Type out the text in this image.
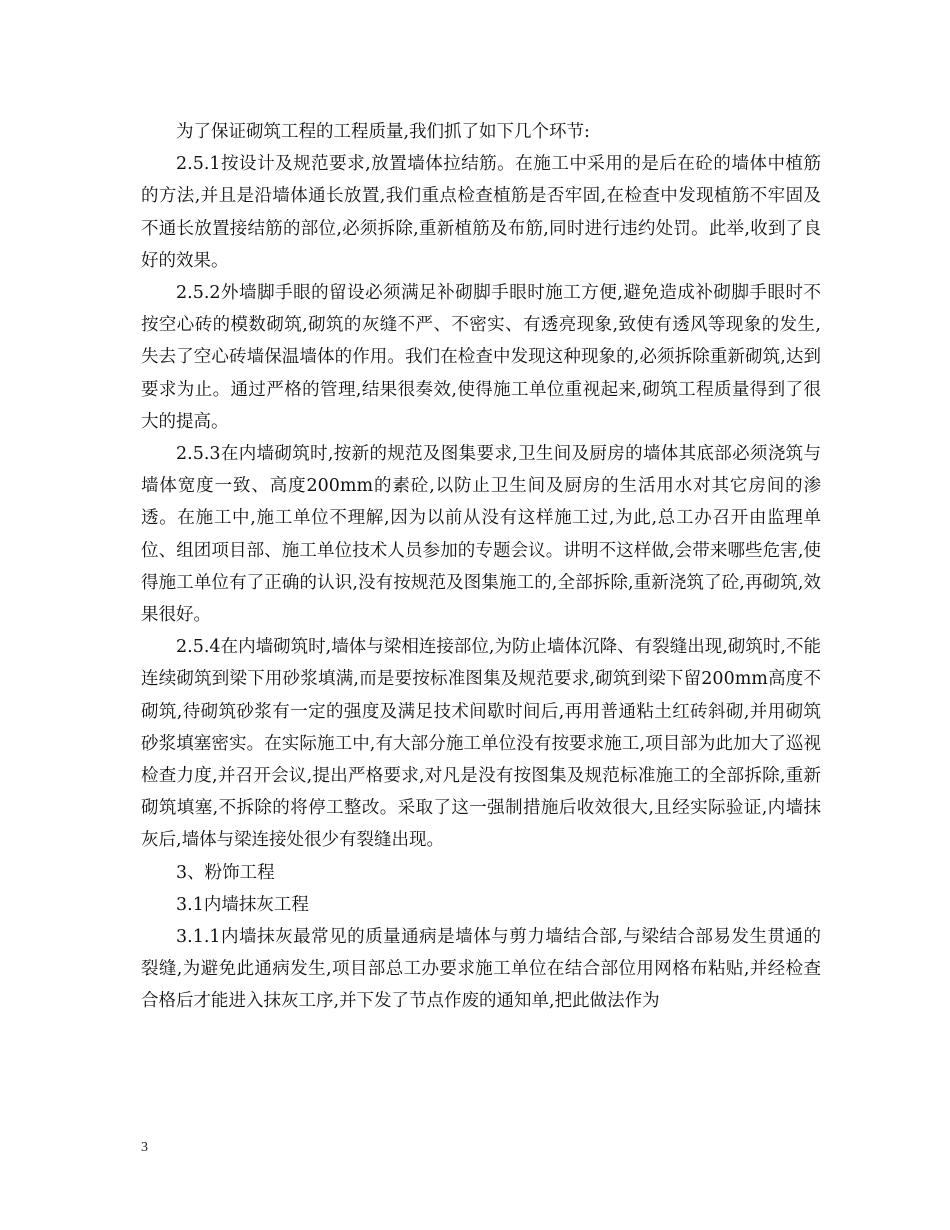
为了保证砌筑工程的工程质量,我们抓了如下几个环节:

2.5.1按设计及规范要求,放置墙体拉结筋。在施工中采用的是后在砼的墙体中植筋的方法,并且是沿墙体通长放置,我们重点检查植筋是否牢固,在检查中发现植筋不牢固及不通长放置接结筋的部位,必须拆除,重新植筋及布筋,同时进行违约处罚。此举,收到了良好的效果。

2.5.2外墙脚手眼的留设必须满足补砌脚手眼时施工方便,避免造成补砌脚手眼时不按空心砖的模数砌筑,砌筑的灰缝不严、不密实、有透亮现象,致使有透风等现象的发生,失去了空心砖墙保温墙体的作用。我们在检查中发现这种现象的,必须拆除重新砌筑,达到要求为止。通过严格的管理,结果很奏效,使得施工单位重视起来,砌筑工程质量得到了很大的提高。

2.5.3在内墙砌筑时,按新的规范及图集要求,卫生间及厨房的墙体其底部必须浇筑与墙体宽度一致、高度200mm的素砼,以防止卫生间及厨房的生活用水对其它房间的渗透。在施工中,施工单位不理解,因为以前从没有这样施工过,为此,总工办召开由监理单位、组团项目部、施工单位技术人员参加的专题会议。讲明不这样做,会带来哪些危害,使得施工单位有了正确的认识,没有按规范及图集施工的,全部拆除,重新浇筑了砼,再砌筑,效果很好。

2.5.4在内墙砌筑时,墙体与梁相连接部位,为防止墙体沉降、有裂缝出现,砌筑时,不能连续砌筑到梁下用砂浆填满,而是要按标准图集及规范要求,砌筑到梁下留200mm高度不砌筑,待砌筑砂浆有一定的强度及满足技术间歇时间后,再用普通粘土红砖斜砌,并用砌筑砂浆填塞密实。在实际施工中,有大部分施工单位没有按要求施工,项目部为此加大了巡视检查力度,并召开会议,提出严格要求,对凡是没有按图集及规范标准施工的全部拆除,重新砌筑填塞,不拆除的将停工整改。采取了这一强制措施后收效很大,且经实际验证,内墙抹灰后,墙体与梁连接处很少有裂缝出现。

3、粉饰工程

3.1内墙抹灰工程

3.1.1内墙抹灰最常见的质量通病是墙体与剪力墙结合部,与梁结合部易发生贯通的裂缝,为避免此通病发生,项目部总工办要求施工单位在结合部位用网格布粘贴,并经检查合格后才能进入抹灰工序,并下发了节点作废的通知单,把此做法作为

3
